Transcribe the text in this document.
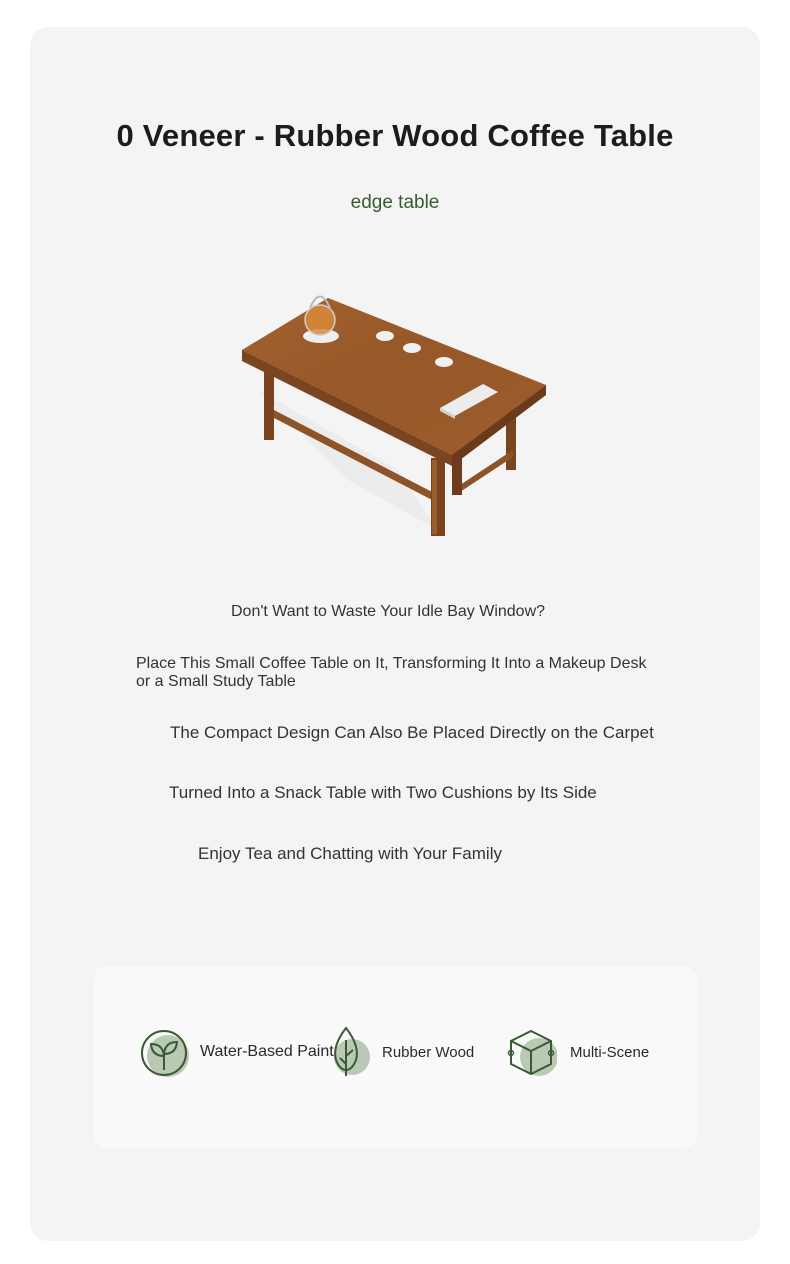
0 Veneer - Rubber Wood Coffee Table
edge table
Don't Want to Waste Your Idle Bay Window?
Place This Small Coffee Table on It, Transforming It Into a Makeup Desk
or a Small Study Table
The Compact Design Can Also Be Placed Directly on the Carpet
Turned Into a Snack Table with Two Cushions by Its Side
Enjoy Tea and Chatting with Your Family
Water-Based Paint	Rubber Wood	Multi-Scene
